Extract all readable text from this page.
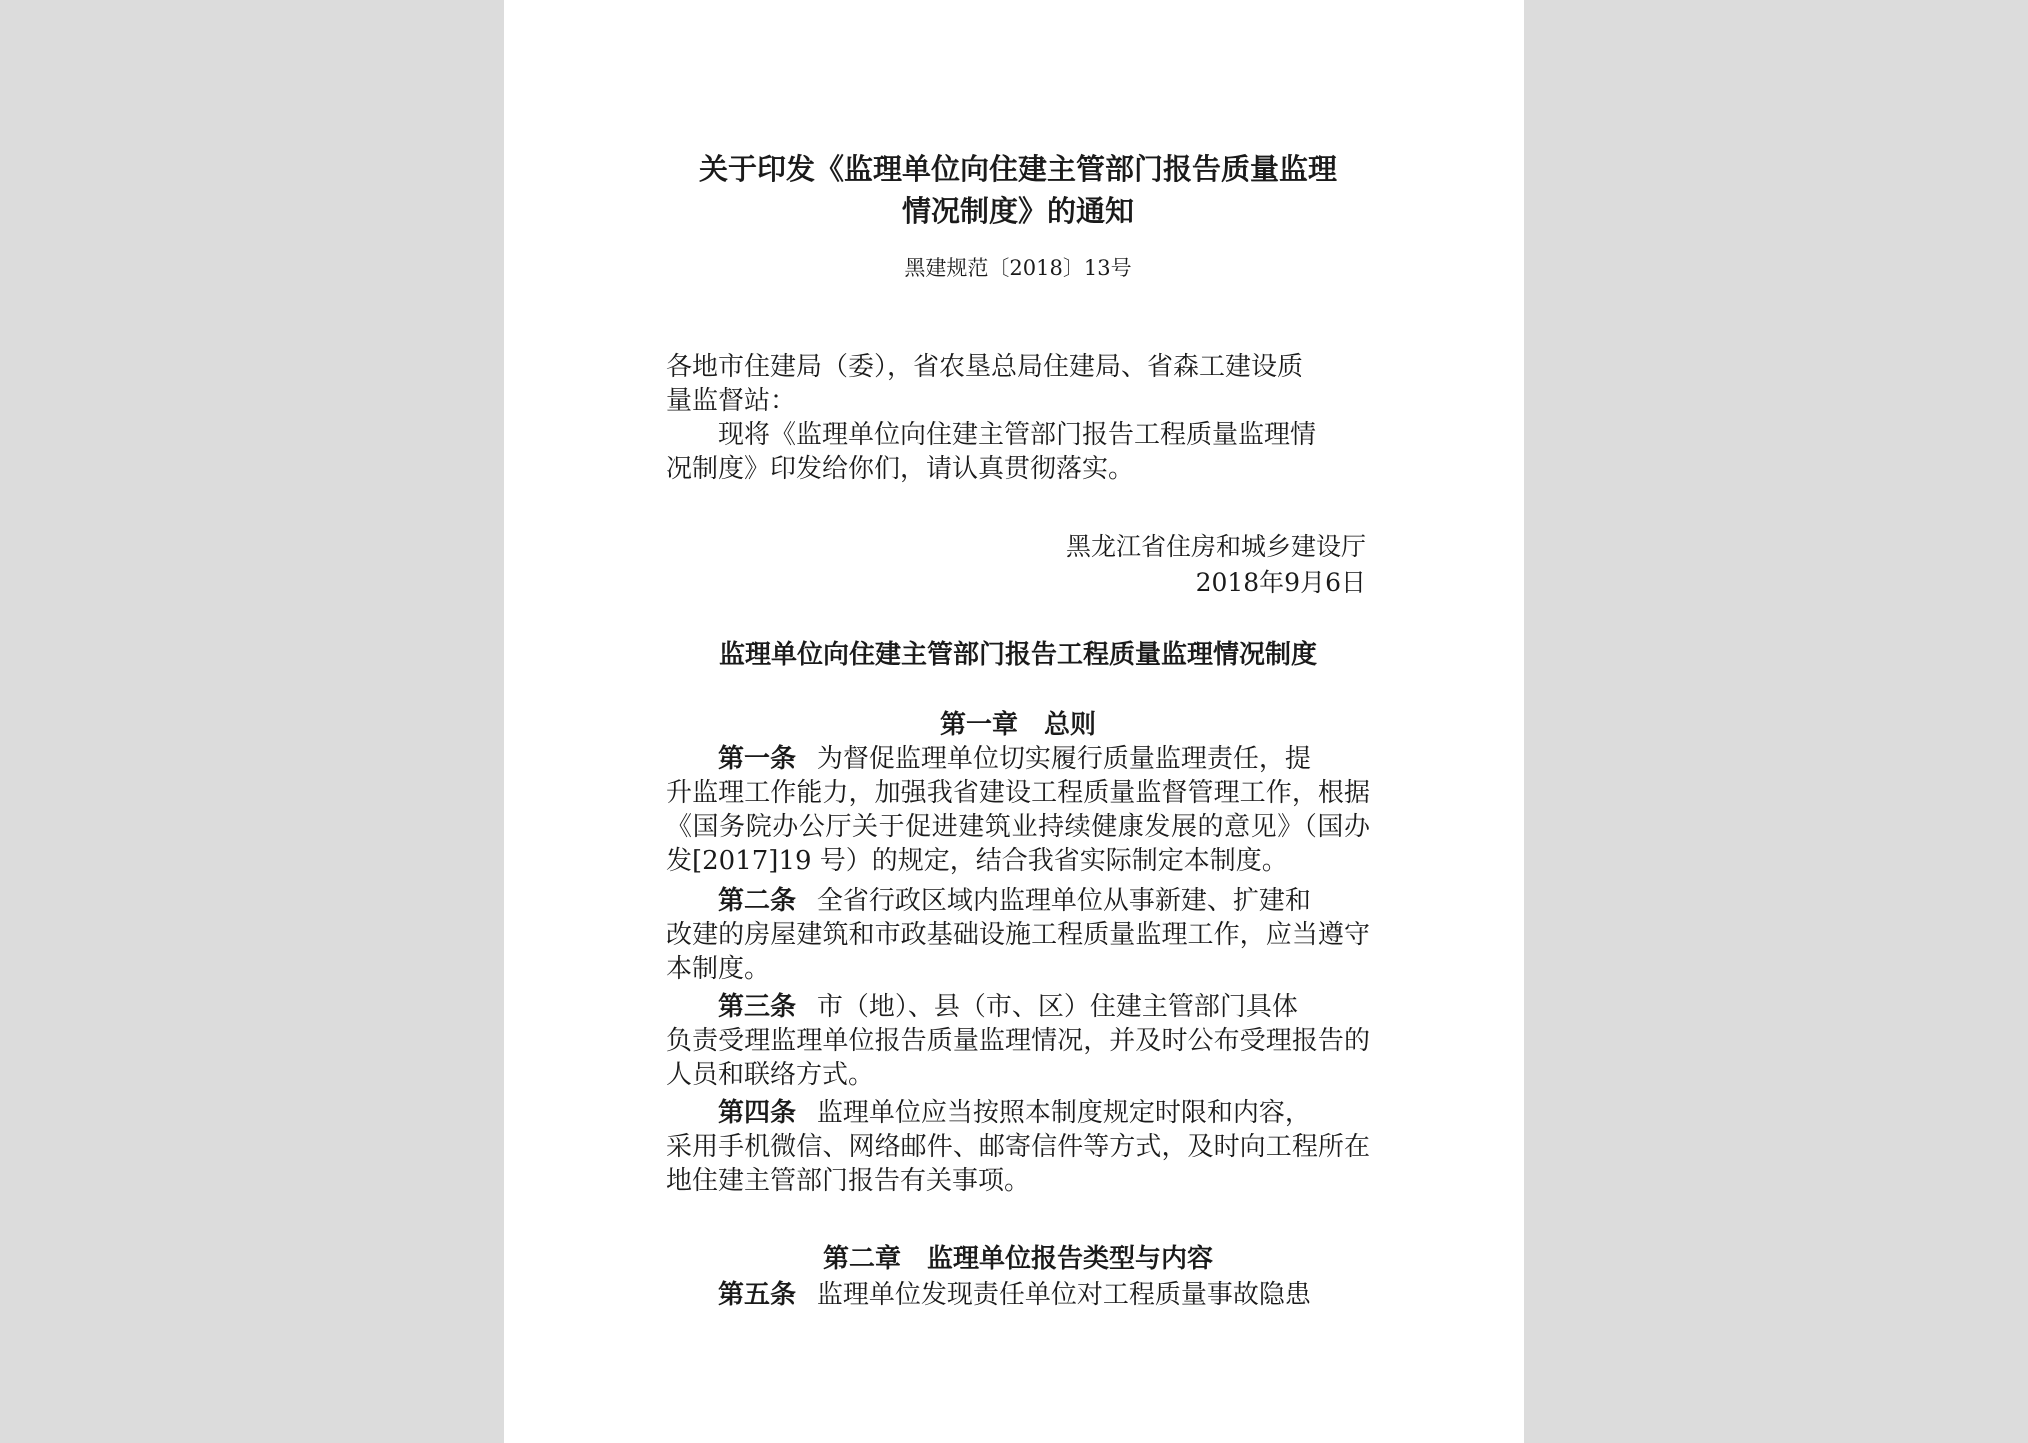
关于印发《监理单位向住建主管部门报告质量监理
情况制度》的通知
黑建规范〔2018〕13号
各地市住建局（委），省农垦总局住建局、省森工建设质
量监督站：
现将《监理单位向住建主管部门报告工程质量监理情
况制度》印发给你们，请认真贯彻落实。
黑龙江省住房和城乡建设厅
2018年9月6日
监理单位向住建主管部门报告工程质量监理情况制度
第一章　总则
第一条 为督促监理单位切实履行质量监理责任，提
升监理工作能力，加强我省建设工程质量监督管理工作，根据《国务院办公厅关于促进建筑业持续健康发展的意见》（国办发[2017]19 号）的规定，结合我省实际制定本制度。
第二条 全省行政区域内监理单位从事新建、扩建和
改建的房屋建筑和市政基础设施工程质量监理工作，应当遵守本制度。
第三条 市（地）、县（市、区）住建主管部门具体
负责受理监理单位报告质量监理情况，并及时公布受理报告的人员和联络方式。
第四条 监理单位应当按照本制度规定时限和内容，
采用手机微信、网络邮件、邮寄信件等方式，及时向工程所在地住建主管部门报告有关事项。
第二章　监理单位报告类型与内容
第五条 监理单位发现责任单位对工程质量事故隐患
